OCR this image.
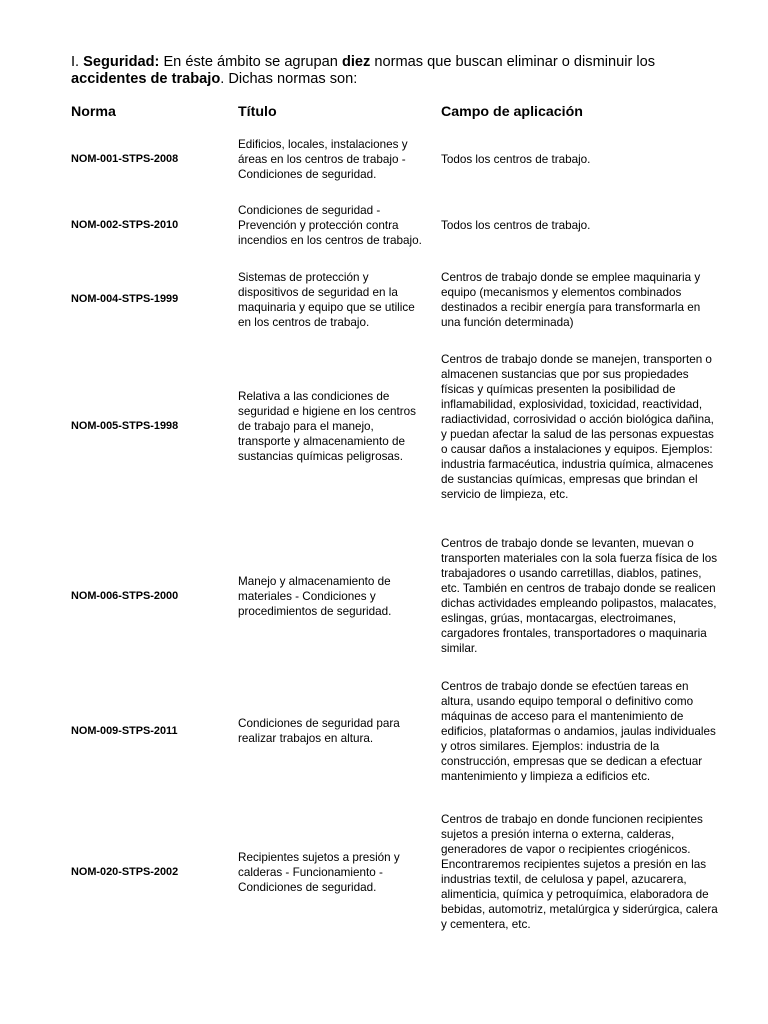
I. Seguridad: En éste ámbito se agrupan diez normas que buscan eliminar o disminuir los accidentes de trabajo. Dichas normas son:
Norma	Título	Campo de aplicación
NOM-001-STPS-2008
Edificios, locales, instalaciones y áreas en los centros de trabajo - Condiciones de seguridad.
Todos los centros de trabajo.
NOM-002-STPS-2010
Condiciones de seguridad - Prevención y protección contra incendios en los centros de trabajo.
Todos los centros de trabajo.
NOM-004-STPS-1999
Sistemas de protección y dispositivos de seguridad en la maquinaria y equipo que se utilice en los centros de trabajo.
Centros de trabajo donde se emplee maquinaria y equipo (mecanismos y elementos combinados destinados a recibir energía para transformarla en una función determinada)
NOM-005-STPS-1998
Relativa a las condiciones de seguridad e higiene en los centros de trabajo para el manejo, transporte y almacenamiento de sustancias químicas peligrosas.
Centros de trabajo donde se manejen, transporten o almacenen sustancias que por sus propiedades físicas y químicas presenten la posibilidad de inflamabilidad, explosividad, toxicidad, reactividad, radiactividad, corrosividad o acción biológica dañina, y puedan afectar la salud de las personas expuestas o causar daños a instalaciones y equipos. Ejemplos: industria farmacéutica, industria química, almacenes de sustancias químicas, empresas que brindan el servicio de limpieza, etc.
NOM-006-STPS-2000
Manejo y almacenamiento de materiales - Condiciones y procedimientos de seguridad.
Centros de trabajo donde se levanten, muevan o transporten materiales con la sola fuerza física de los trabajadores o usando carretillas, diablos, patines, etc. También en centros de trabajo donde se realicen dichas actividades empleando polipastos, malacates, eslingas, grúas, montacargas, electroimanes, cargadores frontales, transportadores o maquinaria similar.
NOM-009-STPS-2011
Condiciones de seguridad para realizar trabajos en altura.
Centros de trabajo donde se efectúen tareas en altura, usando equipo temporal o definitivo como máquinas de acceso para el mantenimiento de edificios, plataformas o andamios, jaulas individuales y otros similares. Ejemplos: industria de la construcción, empresas que se dedican a efectuar mantenimiento y limpieza a edificios etc.
NOM-020-STPS-2002
Recipientes sujetos a presión y calderas - Funcionamiento - Condiciones de seguridad.
Centros de trabajo en donde funcionen recipientes sujetos a presión interna o externa, calderas, generadores de vapor o recipientes criogénicos. Encontraremos recipientes sujetos a presión en las industrias textil, de celulosa y papel, azucarera, alimenticia, química y petroquímica, elaboradora de bebidas, automotriz, metalúrgica y siderúrgica, calera y cementera, etc.
